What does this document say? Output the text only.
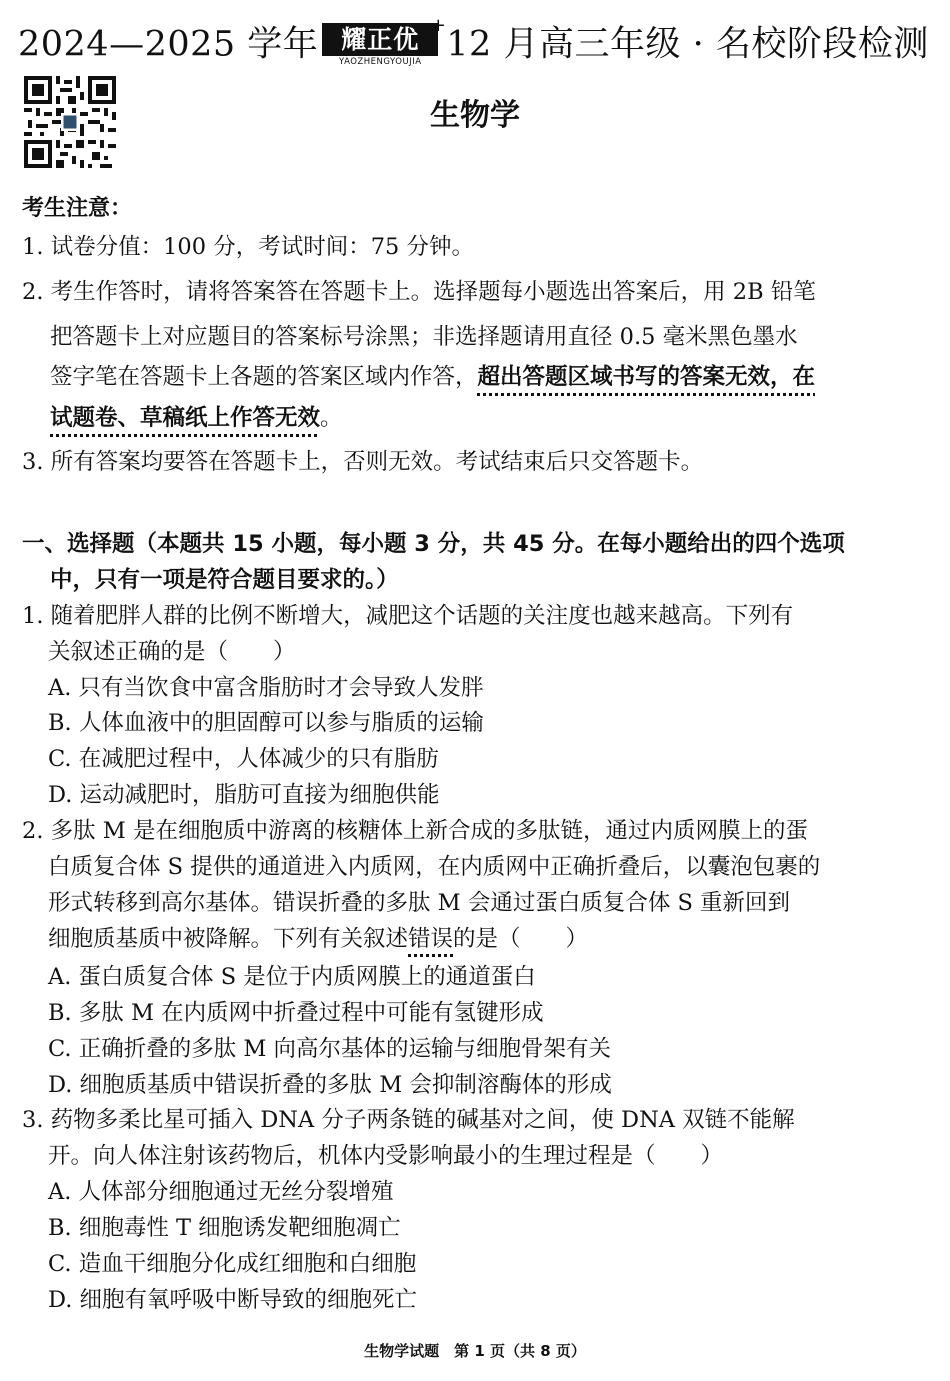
2024—2025 学年 耀正优 +
YAOZHENGYOUJIA 12 月高三年级 · 名校阶段检测
生物学
考生注意：
1. 试卷分值：100 分，考试时间：75 分钟。
2. 考生作答时，请将答案答在答题卡上。选择题每小题选出答案后，用 2B 铅笔
把答题卡上对应题目的答案标号涂黑；非选择题请用直径 0.5 毫米黑色墨水
签字笔在答题卡上各题的答案区域内作答，超出答题区域书写的答案无效，在
试题卷、草稿纸上作答无效。
3. 所有答案均要答在答题卡上，否则无效。考试结束后只交答题卡。
一、选择题（本题共 15 小题，每小题 3 分，共 45 分。在每小题给出的四个选项
中，只有一项是符合题目要求的。）
1. 随着肥胖人群的比例不断增大，减肥这个话题的关注度也越来越高。下列有
关叙述正确的是（　　）
A. 只有当饮食中富含脂肪时才会导致人发胖
B. 人体血液中的胆固醇可以参与脂质的运输
C. 在减肥过程中，人体减少的只有脂肪
D. 运动减肥时，脂肪可直接为细胞供能
2. 多肽 M 是在细胞质中游离的核糖体上新合成的多肽链，通过内质网膜上的蛋
白质复合体 S 提供的通道进入内质网，在内质网中正确折叠后，以囊泡包裹的
形式转移到高尔基体。错误折叠的多肽 M 会通过蛋白质复合体 S 重新回到
细胞质基质中被降解。下列有关叙述错误的是（　　）
A. 蛋白质复合体 S 是位于内质网膜上的通道蛋白
B. 多肽 M 在内质网中折叠过程中可能有氢键形成
C. 正确折叠的多肽 M 向高尔基体的运输与细胞骨架有关
D. 细胞质基质中错误折叠的多肽 M 会抑制溶酶体的形成
3. 药物多柔比星可插入 DNA 分子两条链的碱基对之间，使 DNA 双链不能解
开。向人体注射该药物后，机体内受影响最小的生理过程是（　　）
A. 人体部分细胞通过无丝分裂增殖
B. 细胞毒性 T 细胞诱发靶细胞凋亡
C. 造血干细胞分化成红细胞和白细胞
D. 细胞有氧呼吸中断导致的细胞死亡
生物学试题　第 1 页（共 8 页）
